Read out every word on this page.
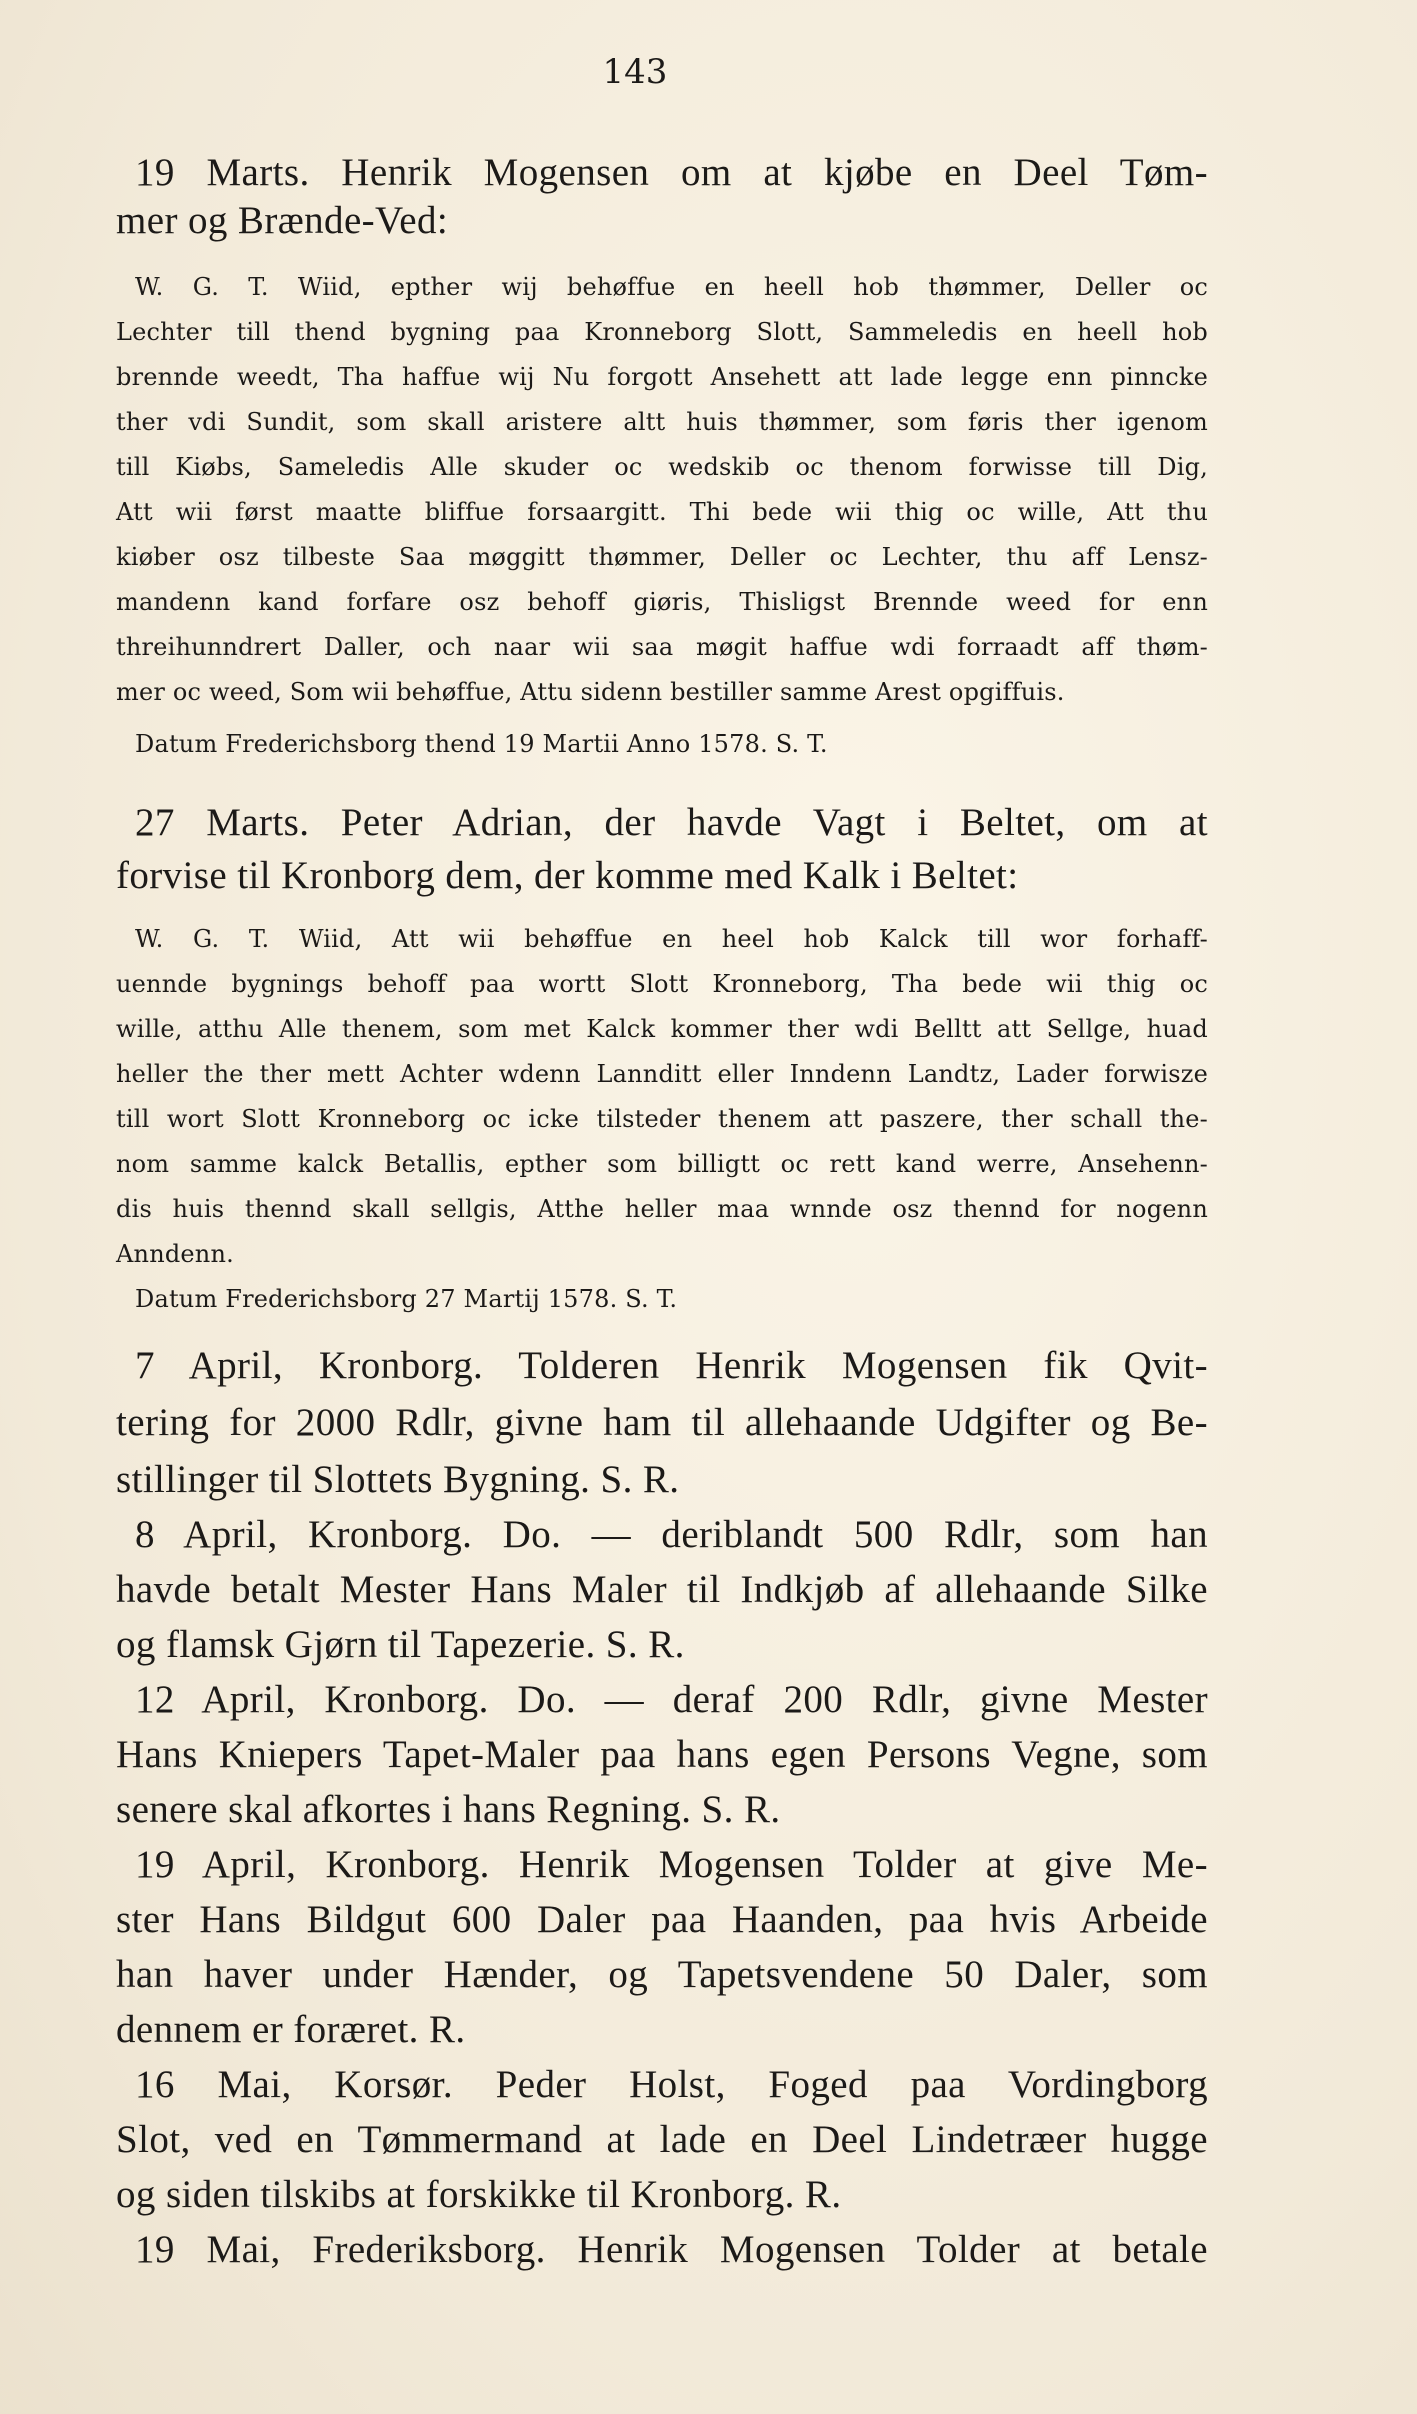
143
19 Marts. Henrik Mogensen om at kjøbe en Deel Tøm-
mer og Brænde-Ved:
W. G. T. Wiid, epther wij behøffue en heell hob thømmer, Deller oc
Lechter till thend bygning paa Kronneborg Slott, Sammeledis en heell hob
brennde weedt, Tha haffue wij Nu forgott Ansehett att lade legge enn pinncke
ther vdi Sundit, som skall aristere altt huis thømmer, som føris ther igenom
till Kiøbs, Sameledis Alle skuder oc wedskib oc thenom forwisse till Dig,
Att wii først maatte bliffue forsaargitt. Thi bede wii thig oc wille, Att thu
kiøber osz tilbeste Saa møggitt thømmer, Deller oc Lechter, thu aff Lensz-
mandenn kand forfare osz behoff giøris, Thisligst Brennde weed for enn
threihunndrert Daller, och naar wii saa møgit haffue wdi forraadt aff thøm-
mer oc weed, Som wii behøffue, Attu sidenn bestiller samme Arest opgiffuis.
Datum Frederichsborg thend 19 Martii Anno 1578. S. T.
27 Marts. Peter Adrian, der havde Vagt i Beltet, om at
forvise til Kronborg dem, der komme med Kalk i Beltet:
W. G. T. Wiid, Att wii behøffue en heel hob Kalck till wor forhaff-
uennde bygnings behoff paa wortt Slott Kronneborg, Tha bede wii thig oc
wille, atthu Alle thenem, som met Kalck kommer ther wdi Belltt att Sellge, huad
heller the ther mett Achter wdenn Lannditt eller Inndenn Landtz, Lader forwisze
till wort Slott Kronneborg oc icke tilsteder thenem att paszere, ther schall the-
nom samme kalck Betallis, epther som billigtt oc rett kand werre, Ansehenn-
dis huis thennd skall sellgis, Atthe heller maa wnnde osz thennd for nogenn
Anndenn.
Datum Frederichsborg 27 Martij 1578. S. T.
7 April, Kronborg. Tolderen Henrik Mogensen fik Qvit-
tering for 2000 Rdlr, givne ham til allehaande Udgifter og Be-
stillinger til Slottets Bygning. S. R.
8 April, Kronborg. Do. — deriblandt 500 Rdlr, som han
havde betalt Mester Hans Maler til Indkjøb af allehaande Silke
og flamsk Gjørn til Tapezerie. S. R.
12 April, Kronborg. Do. — deraf 200 Rdlr, givne Mester
Hans Kniepers Tapet-Maler paa hans egen Persons Vegne, som
senere skal afkortes i hans Regning. S. R.
19 April, Kronborg. Henrik Mogensen Tolder at give Me-
ster Hans Bildgut 600 Daler paa Haanden, paa hvis Arbeide
han haver under Hænder, og Tapetsvendene 50 Daler, som
dennem er foræret. R.
16 Mai, Korsør. Peder Holst, Foged paa Vordingborg
Slot, ved en Tømmermand at lade en Deel Lindetræer hugge
og siden tilskibs at forskikke til Kronborg. R.
19 Mai, Frederiksborg. Henrik Mogensen Tolder at betale
